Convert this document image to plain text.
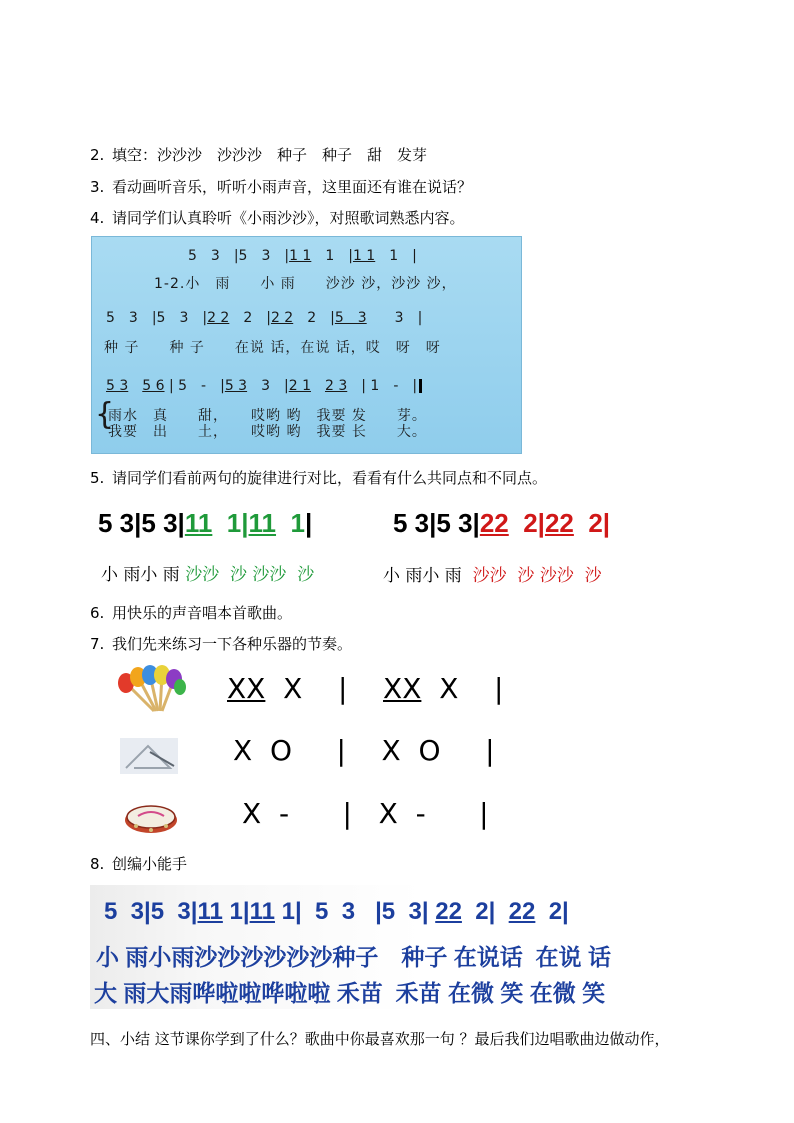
2. 填空：沙沙沙　沙沙沙　种子　种子　甜　发芽
3. 看动画听音乐，听听小雨声音，这里面还有谁在说话？
4. 请同学们认真聆听《小雨沙沙》，对照歌词熟悉内容。
5　3　|5　3　|1 1　1　|1 1　1　|
1-2.小　雨　　小 雨　　沙沙 沙，沙沙 沙，
5　3　|5　3　|2 2　2　|2 2　2　|5　3　　3　|
种 子　　种 子　　在说 话，在说 话，哎　呀　呀
5 3　 5 6 | 5　-　|5 3　3　|2 1　 2 3　| 1　-　|
{
雨水　真　　甜，　　哎哟 哟　我要 发　　芽。
我要　出　　土，　　哎哟 哟　我要 长　　大。
5. 请同学们看前两句的旋律进行对比，看看有什么共同点和不同点。
5 3|5 3|11  1|11  1|	5 3|5 3|22  2|22  2|
小 雨小 雨 沙沙  沙 沙沙  沙	小 雨小 雨  沙沙  沙 沙沙  沙
6. 用快乐的声音唱本首歌曲。
7. 我们先来练习一下各种乐器的节奏。
XX  X    | XX  X    |
X  O     |    X  O     |
X  -      |   X  -      |
8. 创编小能手
5  3|5  3|11 1|11 1|  5  3   |5  3| 22  2|  22  2|
小 雨小雨沙沙沙沙沙沙种子　种子 在说话  在说 话
大 雨大雨哗啦啦哗啦啦 禾苗  禾苗 在微 笑 在微 笑
四、小结 这节课你学到了什么？歌曲中你最喜欢那一句 ？最后我们边唱歌曲边做动作，
